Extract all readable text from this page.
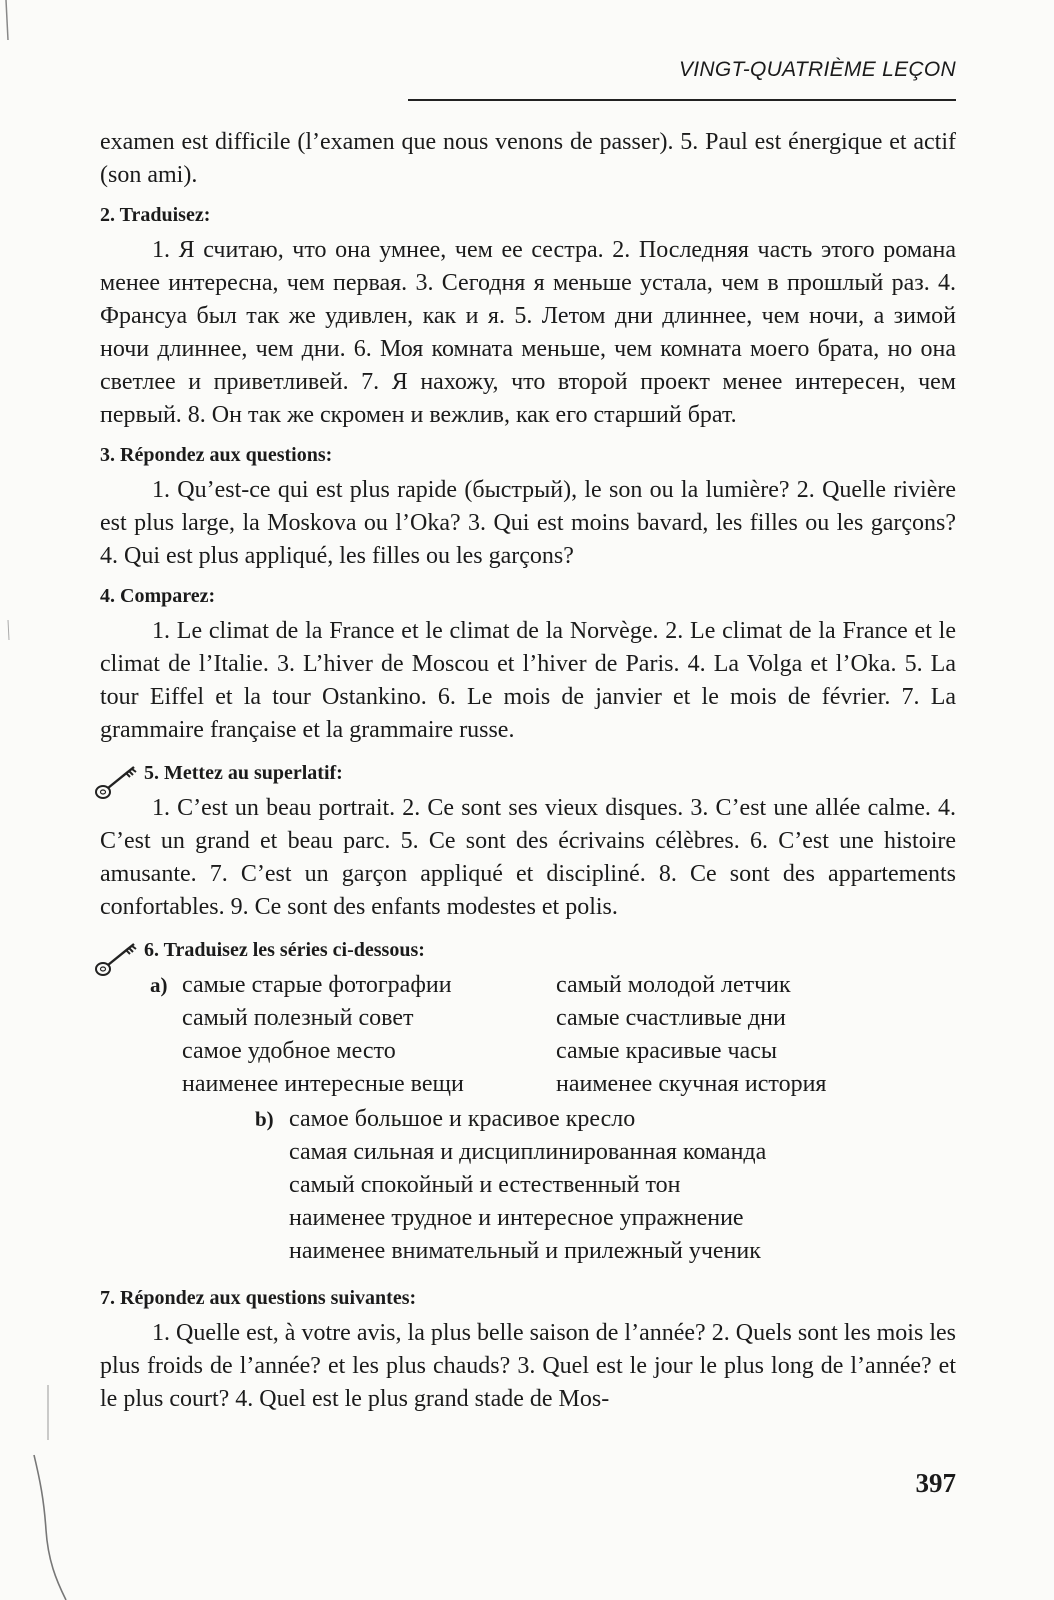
VINGT-QUATRIÈME LEÇON

examen est difficile (l’examen que nous venons de passer). 5. Paul est énergique et actif (son ami).

2. Traduisez:

1. Я считаю, что она умнее, чем ее сестра. 2. Последняя часть этого романа менее интересна, чем первая. 3. Сегодня я меньше устала, чем в прошлый раз. 4. Франсуа был так же удивлен, как и я. 5. Летом дни длиннее, чем ночи, а зимой ночи длиннее, чем дни. 6. Моя комната меньше, чем комната моего брата, но она светлее и приветливей. 7. Я нахожу, что второй проект менее интересен, чем первый. 8. Он так же скромен и вежлив, как его старший брат.

3. Répondez aux questions:

1. Qu’est-ce qui est plus rapide (быстрый), le son ou la lumière? 2. Quelle rivière est plus large, la Moskova ou l’Oka? 3. Qui est moins bavard, les filles ou les garçons? 4. Qui est plus appliqué, les filles ou les garçons?

4. Comparez:

1. Le climat de la France et le climat de la Norvège. 2. Le climat de la France et le climat de l’Italie. 3. L’hiver de Moscou et l’hiver de Paris. 4. La Volga et l’Oka. 5. La tour Eiffel et la tour Ostankino. 6. Le mois de janvier et le mois de février. 7. La grammaire française et la grammaire russe.

5. Mettez au superlatif:

1. C’est un beau portrait. 2. Ce sont ses vieux disques. 3. C’est une allée calme. 4. C’est un grand et beau parc. 5. Ce sont des écrivains célèbres. 6. C’est une histoire amusante. 7. C’est un garçon appliqué et discipliné. 8. Ce sont des appartements confortables. 9. Ce sont des enfants modestes et polis.

6. Traduisez les séries ci-dessous:
a) самые старые фотографии
самый полезный совет
самое удобное место
наименее интересные вещи
самый молодой летчик
самые счастливые дни
самые красивые часы
наименее скучная история
b) самое большое и красивое кресло
самая сильная и дисциплинированная команда
самый спокойный и естественный тон
наименее трудное и интересное упражнение
наименее внимательный и прилежный ученик
7. Répondez aux questions suivantes:

1. Quelle est, à votre avis, la plus belle saison de l’année? 2. Quels sont les mois les plus froids de l’année? et les plus chauds? 3. Quel est le jour le plus long de l’année? et le plus court? 4. Quel est le plus grand stade de Mos-

397
